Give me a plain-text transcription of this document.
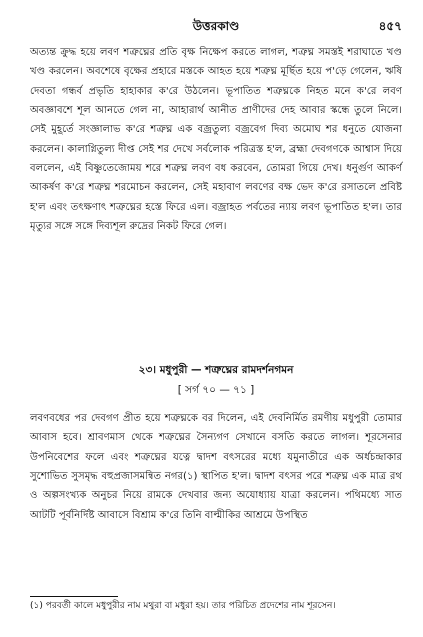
উত্তরকাণ্ড	৪৫৭

অত্যন্ত ক্রুদ্ধ হয়ে লবণ শত্রুঘ্নের প্রতি বৃক্ষ নিক্ষেপ করতে লাগল, শত্রুঘ্ন সমস্তই শরাঘাতে খণ্ড খণ্ড করলেন। অবশেষে বৃক্ষের প্রহারে মস্তকে আহত হয়ে শত্রুঘ্ন মূর্ছিত হয়ে প'ড়ে গেলেন, ঋষি দেবতা গন্ধর্ব প্রভৃতি হাহাকার ক'রে উঠলেন। ভূপাতিত শত্রুঘ্নকে নিহত মনে ক'রে লবণ অবজ্ঞাবশে শূল আনতে গেল না, আহারার্থ আনীত প্রাণীদের দেহ আবার স্কন্ধে তুলে নিলে। সেই মুহূর্তে সংজ্ঞালাভ ক'রে শত্রুঘ্ন এক বজ্রতুল্য বজ্রবেগ দিব্য অমোঘ শর ধনুতে যোজনা করলেন। কালাগ্নিতুল্য দীপ্ত সেই শর দেখে সর্বলোক পরিত্রস্ত হ'ল, ব্রহ্মা দেবগণকে আশ্বাস দিয়ে বললেন, এই বিষ্ণুতেজোময় শরে শত্রুঘ্ন লবণ বধ করবেন, তোমরা গিয়ে দেখ। ধনুর্গুণ আকর্ণ আকর্ষণ ক'রে শত্রুঘ্ন শরমোচন করলেন, সেই মহাবাণ লবণের বক্ষ ভেদ ক'রে রসাতলে প্রবিষ্ট হ'ল এবং তৎক্ষণাৎ শত্রুঘ্নের হস্তে ফিরে এল। বজ্রাহত পর্বতের ন্যায় লবণ ভূপাতিত হ'ল। তার মৃত্যুর সঙ্গে সঙ্গে দিব্যশূল রুদ্রের নিকট ফিরে গেল।

২৩। মধুপুরী — শত্রুঘ্নের রামদর্শনগমন
[ সর্গ ৭০ — ৭১ ]

লবণবধের পর দেবগণ প্রীত হয়ে শত্রুঘ্নকে বর দিলেন, এই দেবনির্মিত রমণীয় মধুপুরী তোমার আবাস হবে। শ্রাবণমাস থেকে শত্রুঘ্নের সৈন্যগণ সেখানে বসতি করতে লাগল। শূরসেনার উপনিবেশের ফলে এবং শত্রুঘ্নের যত্নে দ্বাদশ বৎসরের মধ্যে যমুনাতীরে এক অর্ধচন্দ্রাকার সুশোভিত সুসমৃদ্ধ বহুপ্রজাসমন্বিত নগর(১) স্থাপিত হ'ল। দ্বাদশ বৎসর পরে শত্রুঘ্ন এক মাত্র রথ ও অল্পসংখ্যক অনুচর নিয়ে রামকে দেখবার জন্য অযোধ্যায় যাত্রা করলেন। পথিমধ্যে সাত আটটি পূর্বনির্দিষ্ট আবাসে বিশ্রাম ক'রে তিনি বাল্মীকির আশ্রমে উপস্থিত

(১) পরবর্তী কালে মধুপুরীর নাম মথুরা বা মধুরা হয়। তার পরিচিত প্রদেশের নাম শূরসেন।
